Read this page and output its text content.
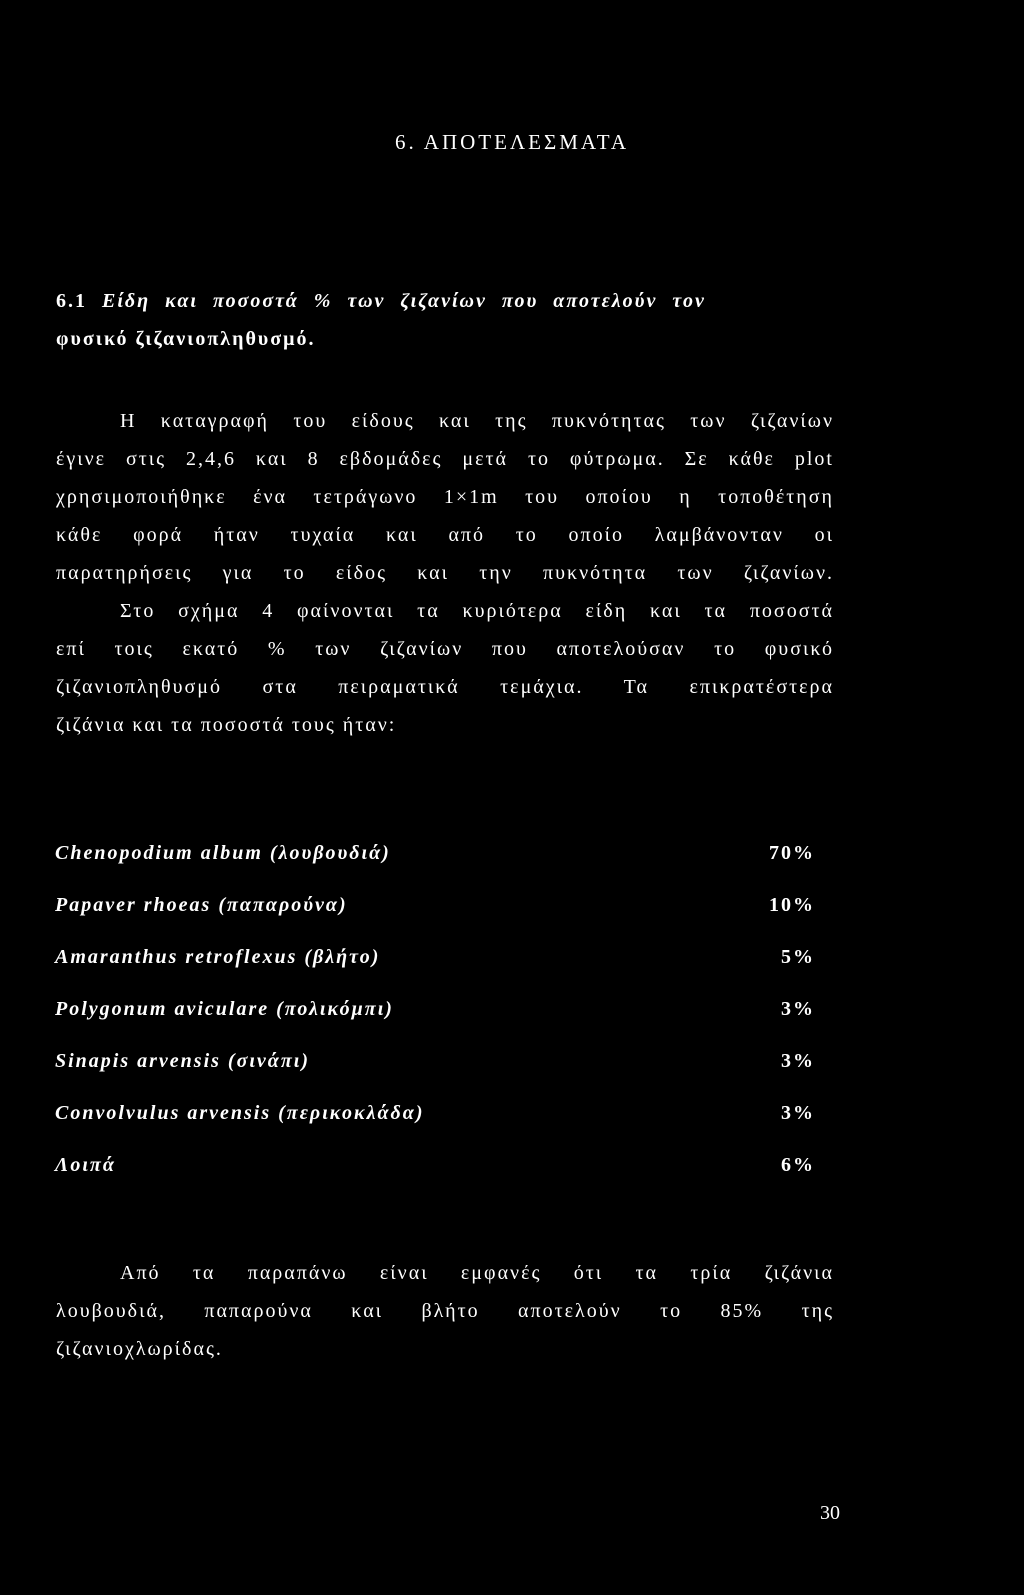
6. ΑΠΟΤΕΛΕΣΜΑΤΑ
6.1 Είδη και ποσοστά % των ζιζανίων που αποτελούν τον
φυσικό ζιζανιοπληθυσμό.
Η καταγραφή του είδους και της πυκνότητας των ζιζανίων
έγινε στις 2,4,6 και 8 εβδομάδες μετά το φύτρωμα. Σε κάθε plot
χρησιμοποιήθηκε ένα τετράγωνο 1×1m του οποίου η τοποθέτηση
κάθε φορά ήταν τυχαία και από το οποίο λαμβάνονταν οι
παρατηρήσεις για το είδος και την πυκνότητα των ζιζανίων.
Στο σχήμα 4 φαίνονται τα κυριότερα είδη και τα ποσοστά
επί τοις εκατό % των ζιζανίων που αποτελούσαν το φυσικό
ζιζανιοπληθυσμό στα πειραματικά τεμάχια. Τα επικρατέστερα
ζιζάνια και τα ποσοστά τους ήταν:
Chenopodium album (λουβουδιά)	70%
Papaver rhoeas (παπαρούνα)	10%
Amaranthus retroflexus (βλήτο)	5%
Polygonum aviculare (πολικόμπι)	3%
Sinapis arvensis (σινάπι)	3%
Convolvulus arvensis (περικοκλάδα)	3%
Λοιπά	6%
Από τα παραπάνω είναι εμφανές ότι τα τρία ζιζάνια
λουβουδιά, παπαρούνα και βλήτο αποτελούν το 85% της
ζιζανιοχλωρίδας.
30
